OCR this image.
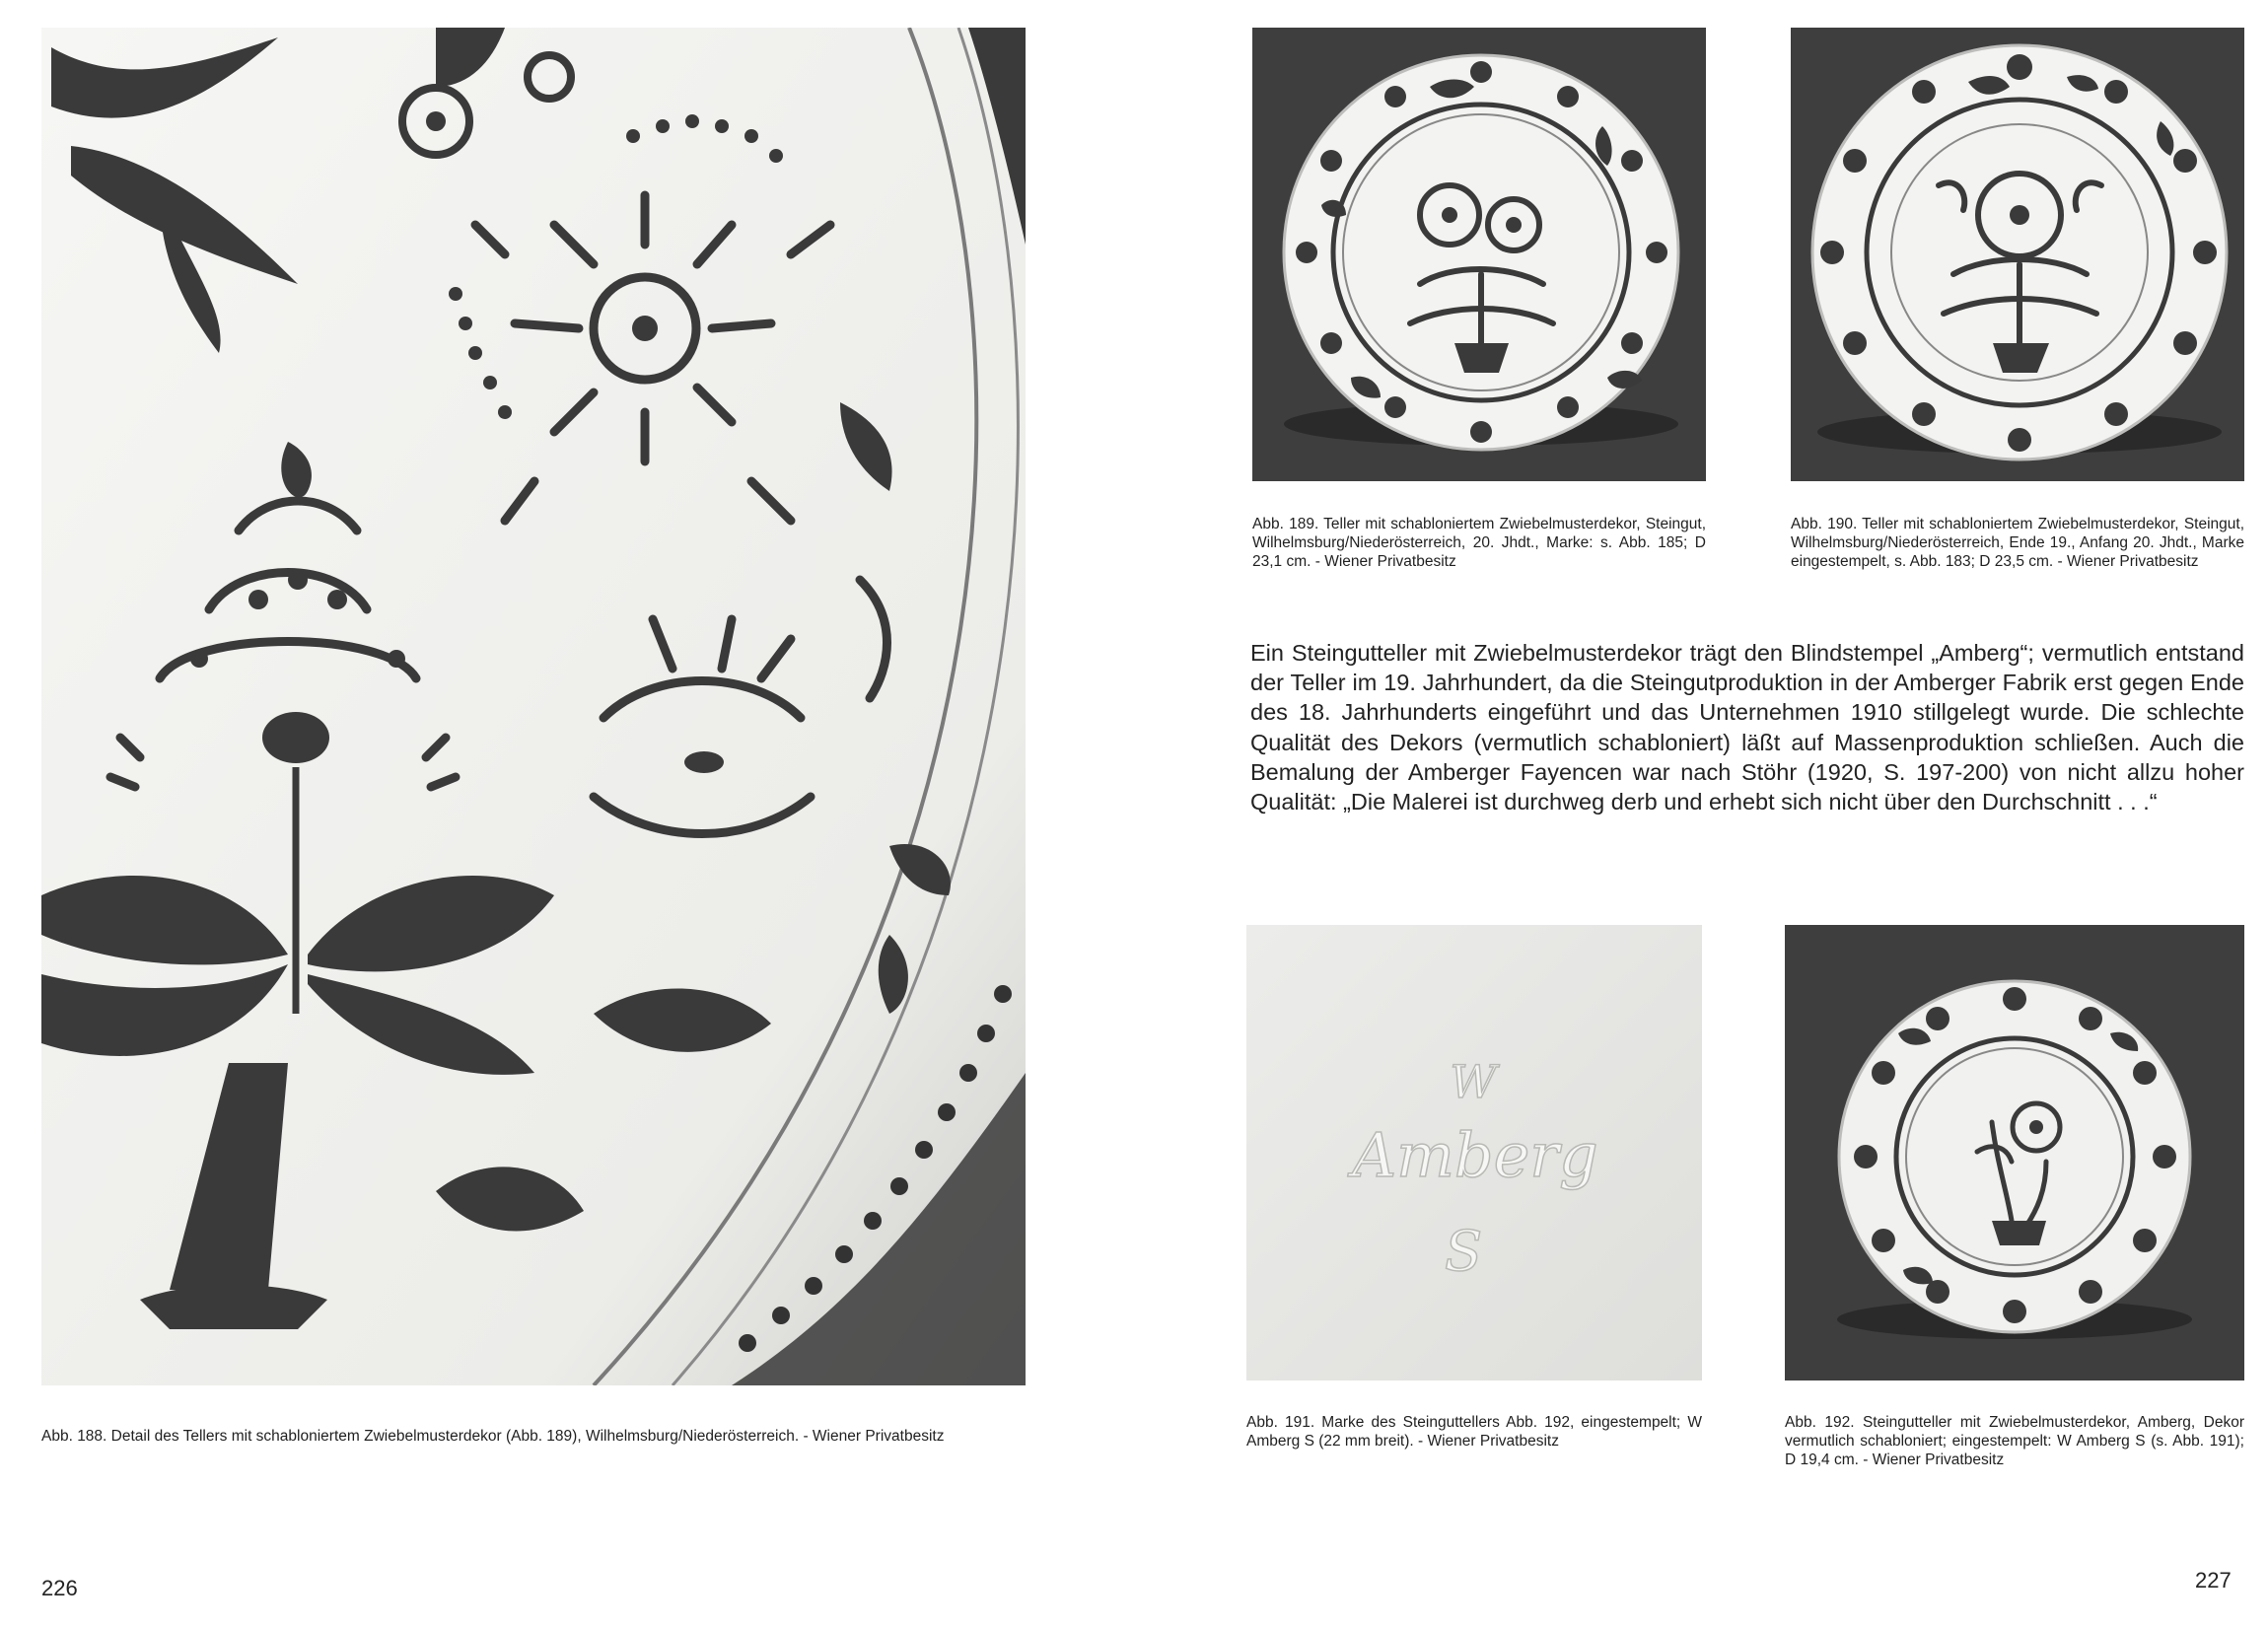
Abb. 188. Detail des Tellers mit schabloniertem Zwiebelmusterdekor (Abb. 189), Wilhelmsburg/Niederösterreich. - Wiener Privatbesitz
226
Abb. 189. Teller mit schabloniertem Zwiebelmusterdekor, Steingut, Wilhelmsburg/Niederösterreich, 20. Jhdt., Marke: s. Abb. 185; D 23,1 cm. - Wiener Privatbesitz
Abb. 190. Teller mit schabloniertem Zwiebelmusterdekor, Steingut, Wilhelmsburg/Niederösterreich, Ende 19., Anfang 20. Jhdt., Marke eingestempelt, s. Abb. 183; D 23,5 cm. - Wiener Privatbesitz
Ein Steingutteller mit Zwiebelmusterdekor trägt den Blindstempel „Amberg“; vermutlich entstand der Teller im 19. Jahrhundert, da die Steingutproduktion in der Amberger Fabrik erst gegen Ende des 18. Jahrhunderts eingeführt und das Unternehmen 1910 stillgelegt wurde. Die schlechte Qualität des Dekors (vermutlich schabloniert) läßt auf Massenproduktion schließen. Auch die Bemalung der Amberger Fayencen war nach Stöhr (1920, S. 197-200) von nicht allzu hoher Qualität: „Die Malerei ist durchweg derb und erhebt sich nicht über den Durchschnitt . . .“
W
Amberg
S
Abb. 191. Marke des Steinguttellers Abb. 192, eingestempelt; W Amberg S (22 mm breit). - Wiener Privatbesitz
Abb. 192. Steingutteller mit Zwiebelmusterdekor, Amberg, Dekor vermutlich schabloniert; eingestempelt: W Amberg S (s. Abb. 191); D 19,4 cm. - Wiener Privatbesitz
227
